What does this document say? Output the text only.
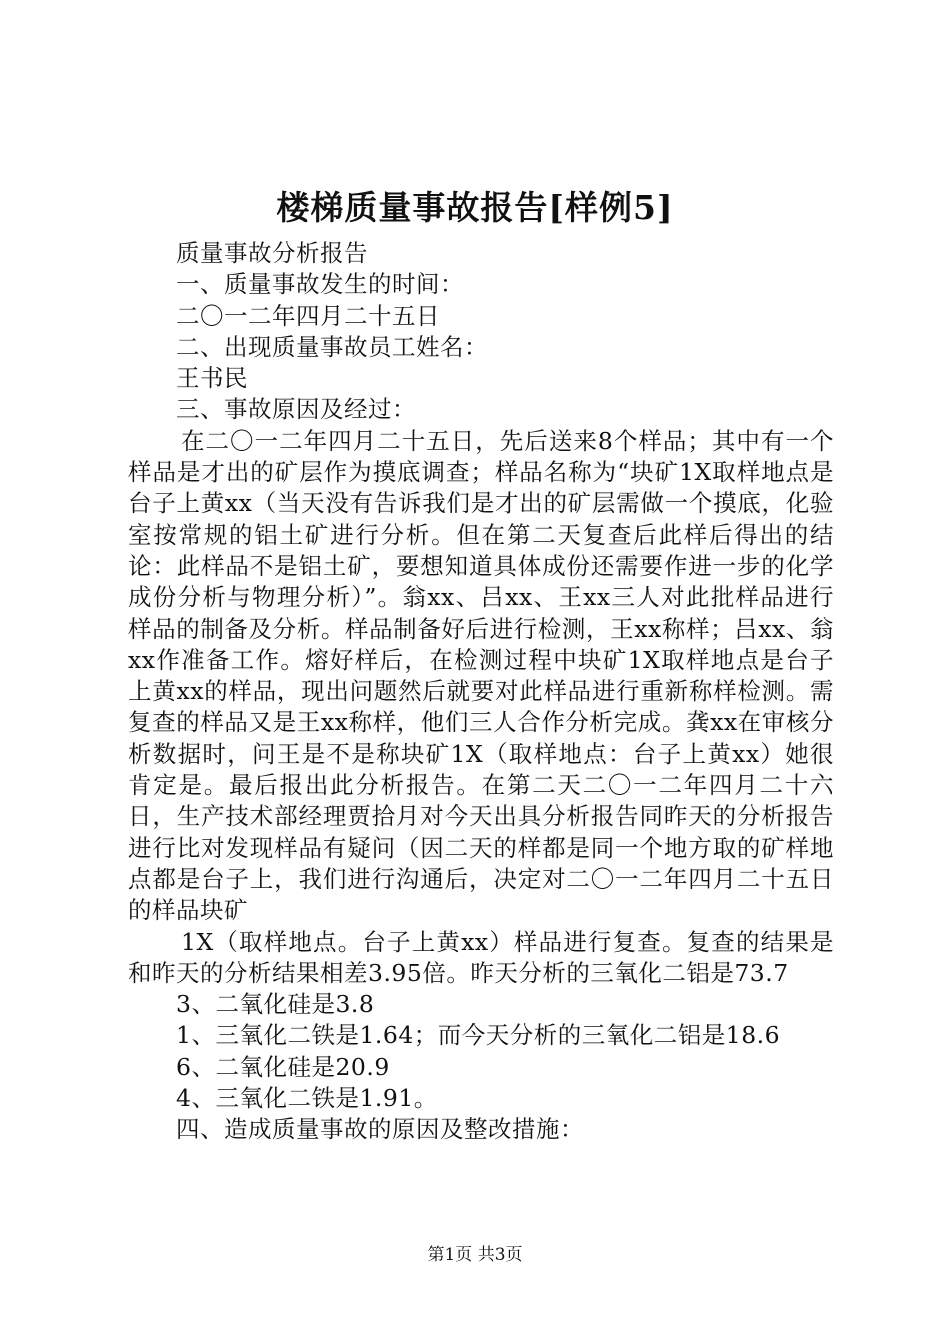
楼梯质量事故报告[样例5]

质量事故分析报告

一、质量事故发生的时间：

二〇一二年四月二十五日

二、出现质量事故员工姓名：

王书民

三、事故原因及经过：

在二〇一二年四月二十五日，先后送来8个样品；其中有一个样品是才出的矿层作为摸底调查；样品名称为“块矿1X取样地点是台子上黄xx（当天没有告诉我们是才出的矿层需做一个摸底，化验室按常规的铝土矿进行分析。但在第二天复查后此样后得出的结论：此样品不是铝土矿，要想知道具体成份还需要作进一步的化学成份分析与物理分析）”。翁xx、吕xx、王xx三人对此批样品进行样品的制备及分析。样品制备好后进行检测，王xx称样；吕xx、翁xx作准备工作。熔好样后，在检测过程中块矿1X取样地点是台子上黄xx的样品，现出问题然后就要对此样品进行重新称样检测。需复查的样品又是王xx称样，他们三人合作分析完成。龚xx在审核分析数据时，问王是不是称块矿1X（取样地点：台子上黄xx）她很肯定是。最后报出此分析报告。在第二天二〇一二年四月二十六日，生产技术部经理贾拾月对今天出具分析报告同昨天的分析报告进行比对发现样品有疑问（因二天的样都是同一个地方取的矿样地点都是台子上，我们进行沟通后，决定对二〇一二年四月二十五日的样品块矿

1X（取样地点。台子上黄xx）样品进行复查。复查的结果是和昨天的分析结果相差3.95倍。昨天分析的三氧化二铝是73.7

3、二氧化硅是3.8

1、三氧化二铁是1.64；而今天分析的三氧化二铝是18.6

6、二氧化硅是20.9

4、三氧化二铁是1.91。

四、造成质量事故的原因及整改措施：

第1页 共3页
